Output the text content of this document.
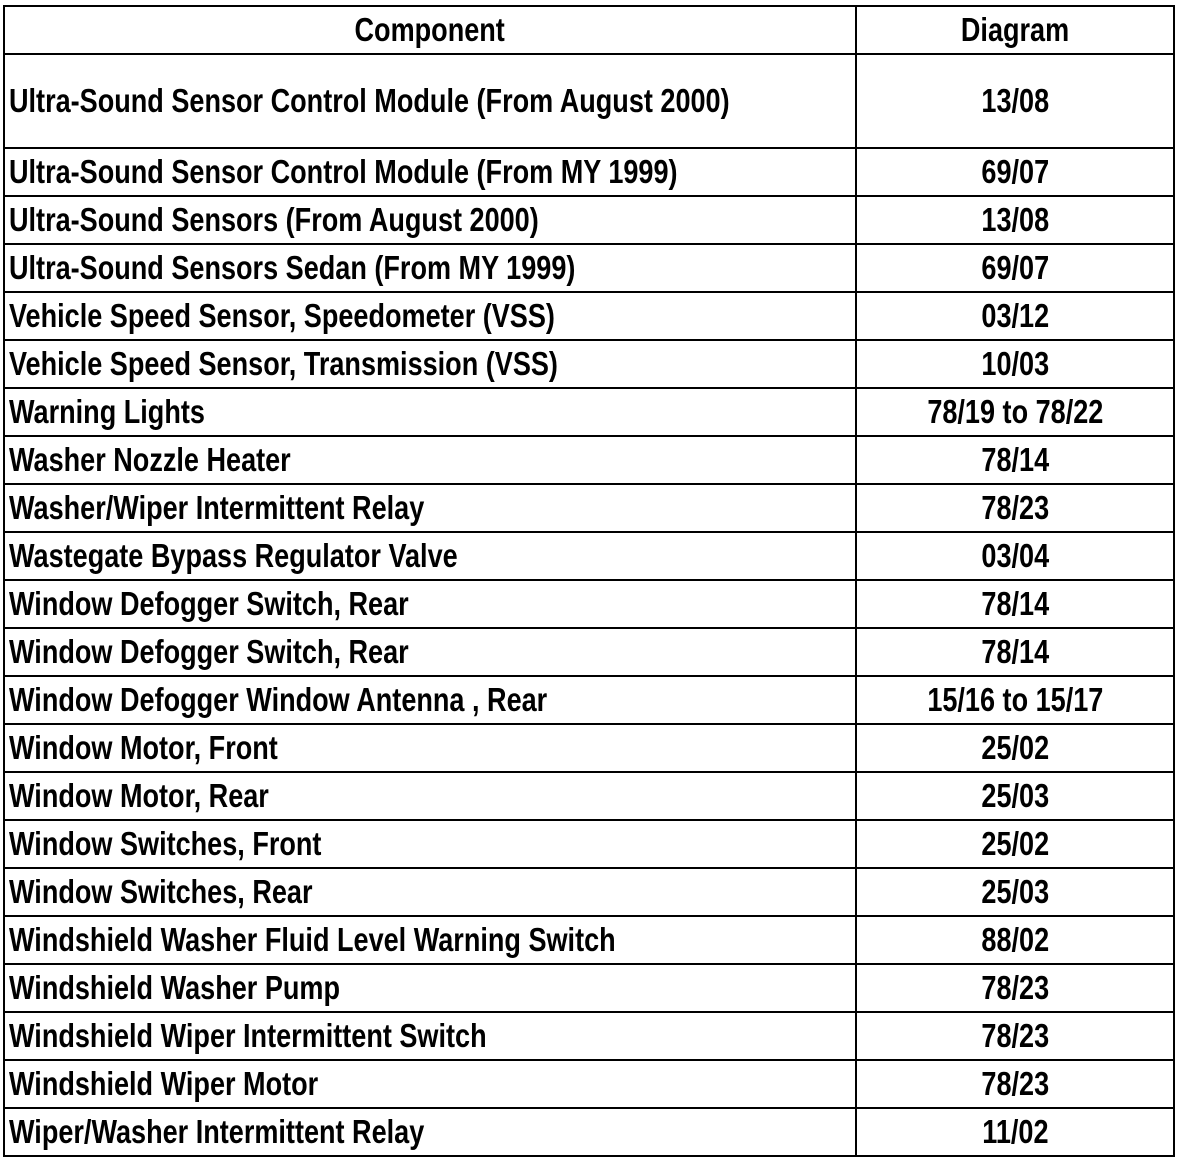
Component	Diagram
Ultra-Sound Sensor Control Module (From August 2000)	13/08
Ultra-Sound Sensor Control Module (From MY 1999)	69/07
Ultra-Sound Sensors (From August 2000)	13/08
Ultra-Sound Sensors Sedan (From MY 1999)	69/07
Vehicle Speed Sensor, Speedometer (VSS)	03/12
Vehicle Speed Sensor, Transmission (VSS)	10/03
Warning Lights	78/19 to 78/22
Washer Nozzle Heater	78/14
Washer/Wiper Intermittent Relay	78/23
Wastegate Bypass Regulator Valve	03/04
Window Defogger Switch, Rear	78/14
Window Defogger Switch, Rear	78/14
Window Defogger Window Antenna , Rear	15/16 to 15/17
Window Motor, Front	25/02
Window Motor, Rear	25/03
Window Switches, Front	25/02
Window Switches, Rear	25/03
Windshield Washer Fluid Level Warning Switch	88/02
Windshield Washer Pump	78/23
Windshield Wiper Intermittent Switch	78/23
Windshield Wiper Motor	78/23
Wiper/Washer Intermittent Relay	11/02
